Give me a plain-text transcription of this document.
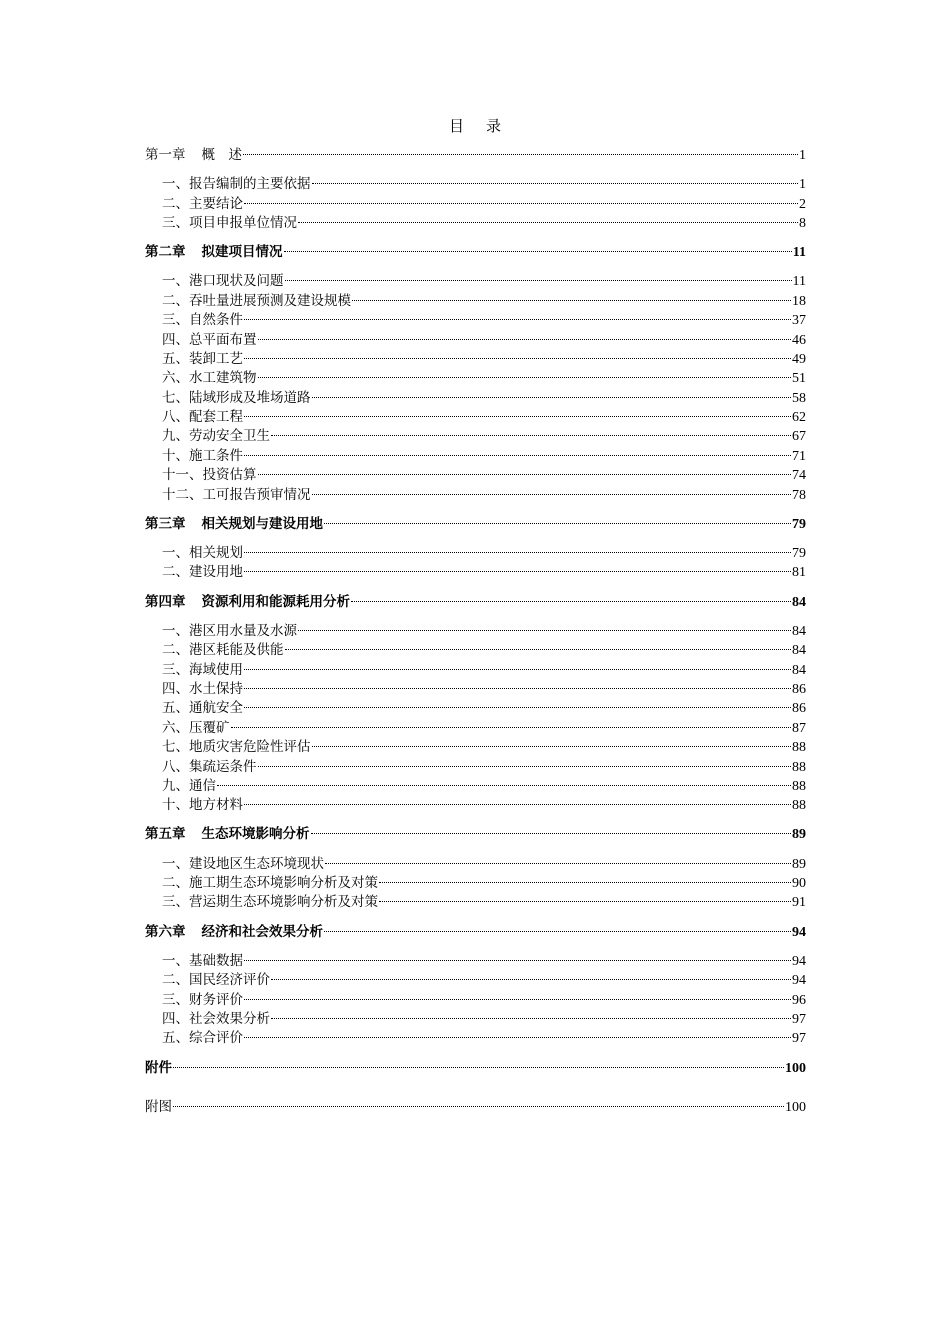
目 录
第一章 概　述	1
一、报告编制的主要依据	1
二、主要结论	2
三、项目申报单位情况	8
第二章 拟建项目情况	11
一、港口现状及问题	11
二、吞吐量进展预测及建设规模	18
三、自然条件	37
四、总平面布置	46
五、装卸工艺	49
六、水工建筑物	51
七、陆域形成及堆场道路	58
八、配套工程	62
九、劳动安全卫生	67
十、施工条件	71
十一、投资估算	74
十二、工可报告预审情况	78
第三章 相关规划与建设用地	79
一、相关规划	79
二、建设用地	81
第四章 资源利用和能源耗用分析	84
一、港区用水量及水源	84
二、港区耗能及供能	84
三、海域使用	84
四、水土保持	86
五、通航安全	86
六、压覆矿	87
七、地质灾害危险性评估	88
八、集疏运条件	88
九、通信	88
十、地方材料	88
第五章 生态环境影响分析	89
一、建设地区生态环境现状	89
二、施工期生态环境影响分析及对策	90
三、营运期生态环境影响分析及对策	91
第六章 经济和社会效果分析	94
一、基础数据	94
二、国民经济评价	94
三、财务评价	96
四、社会效果分析	97
五、综合评价	97
附件	100
附图	100
